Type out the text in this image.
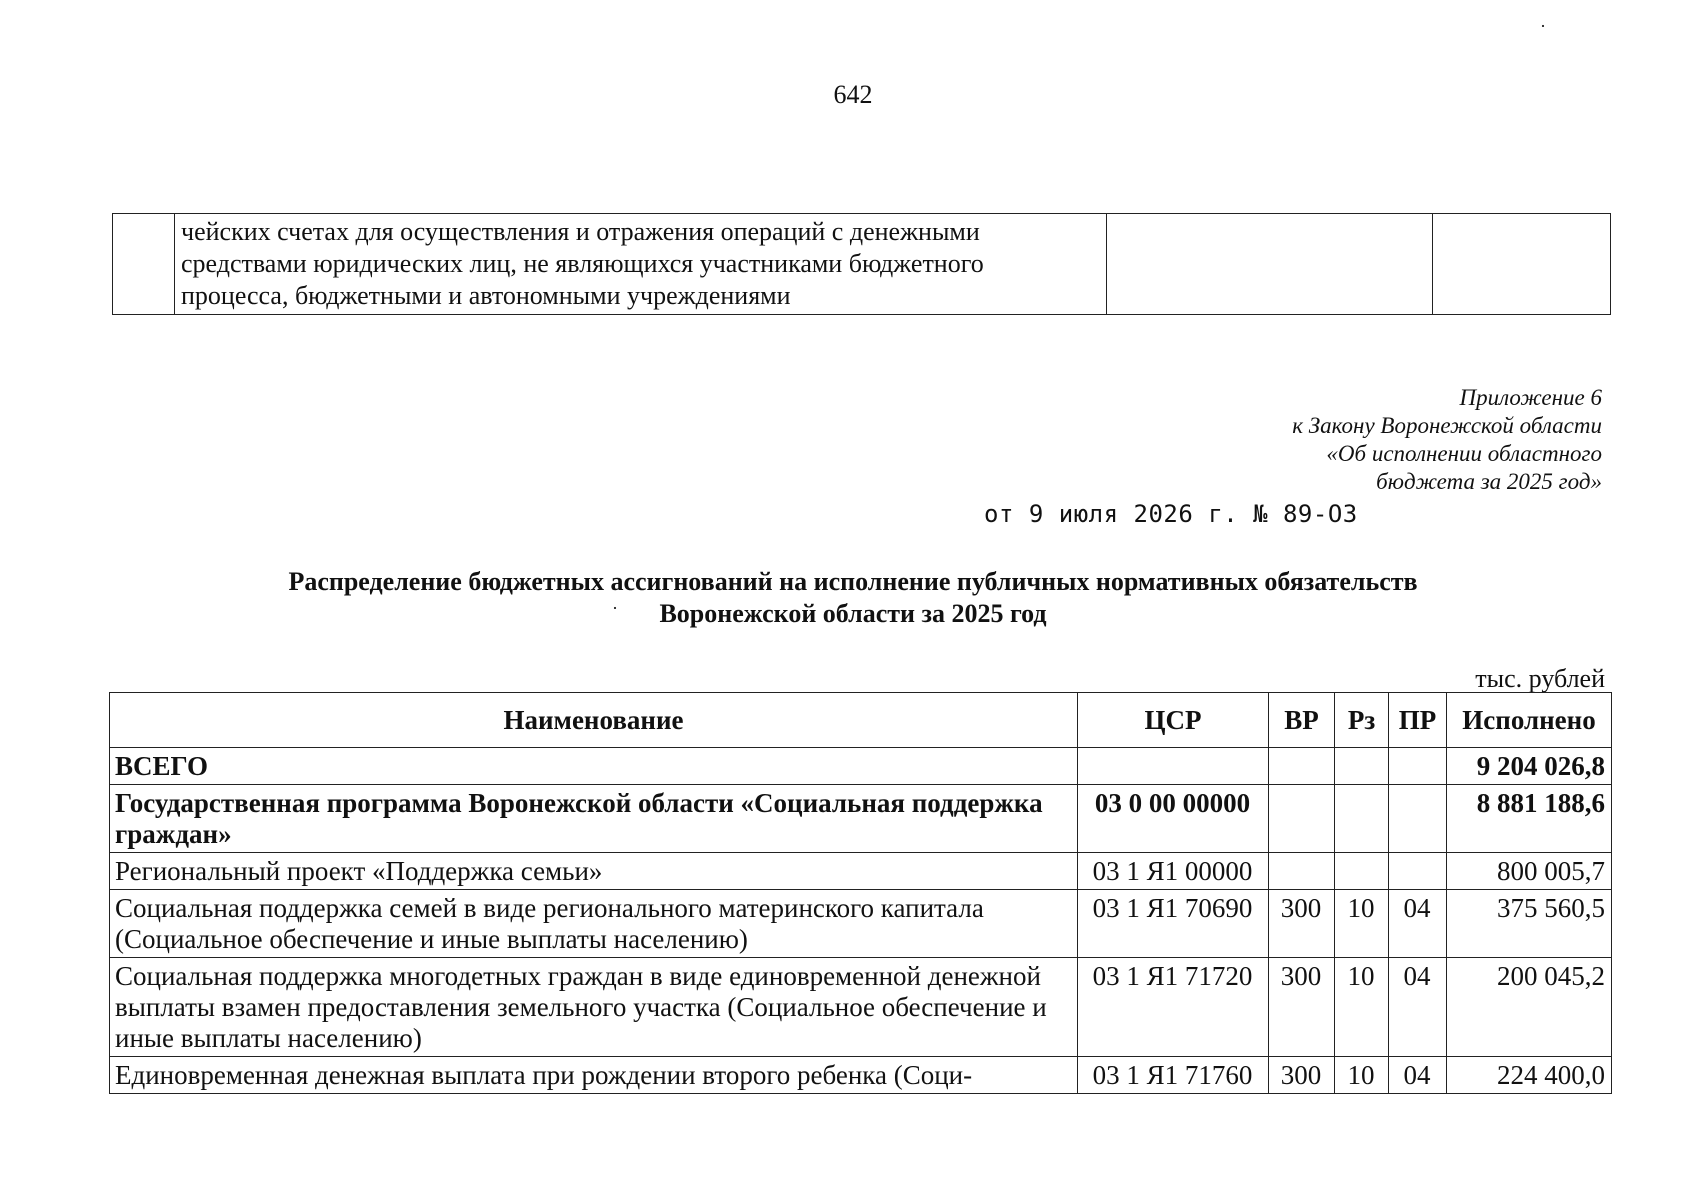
·
642

чейских счетах для осуществления и отражения операций с денежными
средствами юридических лиц, не являющихся участниками бюджетного
процесса, бюджетными и автономными учреждениями

Приложение 6
к Закону Воронежской области
«Об исполнении областного
бюджета за 2025 год»
от 9 июля 2026 г. № 89-ОЗ
Распределение бюджетных ассигнований на исполнение публичных нормативных обязательств
Воронежской области за 2025 год
·
тыс. рублей
Наименование	ЦСР	ВР	Рз	ПР	Исполнено
ВСЕГО					9 204 026,8
Государственная программа Воронежской области «Социальная поддержка граждан»	03 0 00 00000				8 881 188,6
Региональный проект «Поддержка семьи»	03 1 Я1 00000				800 005,7
Социальная поддержка семей в виде регионального материнского капитала (Социальное обеспечение и иные выплаты населению)	03 1 Я1 70690	300	10	04	375 560,5
Социальная поддержка многодетных граждан в виде единовременной денежной выплаты взамен предоставления земельного участка (Социальное обеспечение и иные выплаты населению)	03 1 Я1 71720	300	10	04	200 045,2
Единовременная денежная выплата при рождении второго ребенка (Соци-	03 1 Я1 71760	300	10	04	224 400,0
